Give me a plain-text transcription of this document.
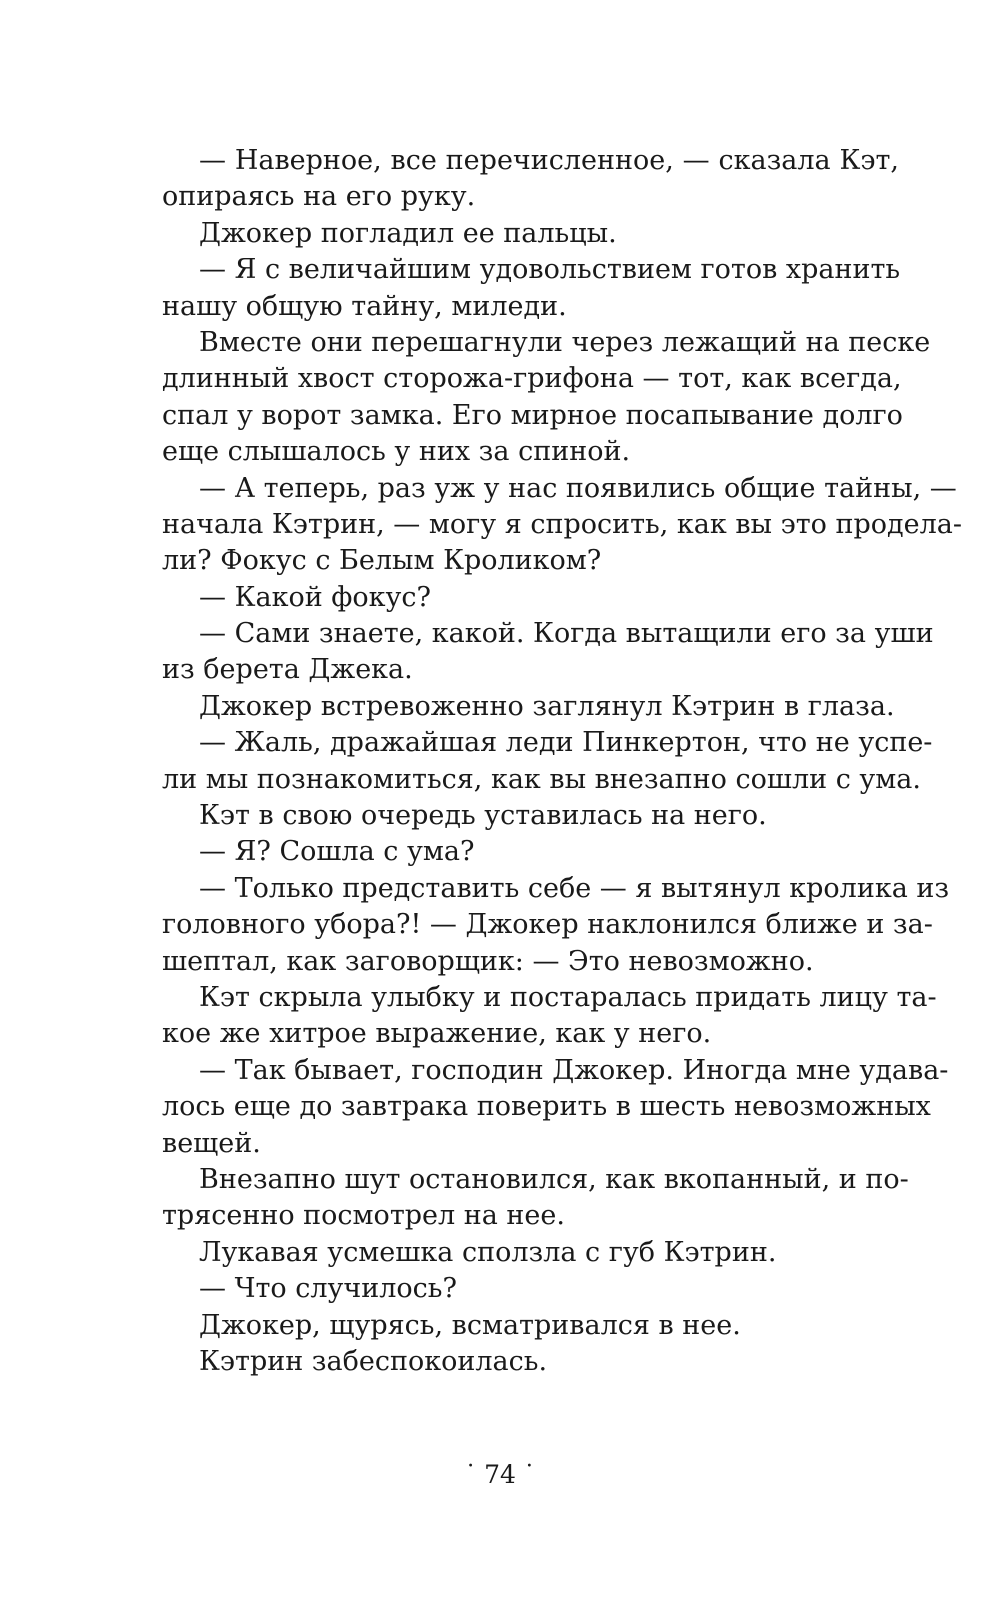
— Наверное, все перечисленное, — сказала Кэт,
опираясь на его руку.
Джокер погладил ее пальцы.
— Я с величайшим удовольствием готов хранить
нашу общую тайну, миледи.
Вместе они перешагнули через лежащий на песке
длинный хвост сторожа-грифона — тот, как всегда,
спал у ворот замка. Его мирное посапывание долго
еще слышалось у них за спиной.
— А теперь, раз уж у нас появились общие тайны, —
начала Кэтрин, — могу я спросить, как вы это продела-
ли? Фокус с Белым Кроликом?
— Какой фокус?
— Сами знаете, какой. Когда вытащили его за уши
из берета Джека.
Джокер встревоженно заглянул Кэтрин в глаза.
— Жаль, дражайшая леди Пинкертон, что не успе-
ли мы познакомиться, как вы внезапно сошли с ума.
Кэт в свою очередь уставилась на него.
— Я? Сошла с ума?
— Только представить себе — я вытянул кролика из
головного убора?! — Джокер наклонился ближе и за-
шептал, как заговорщик: — Это невозможно.
Кэт скрыла улыбку и постаралась придать лицу та-
кое же хитрое выражение, как у него.
— Так бывает, господин Джокер. Иногда мне удава-
лось еще до завтрака поверить в шесть невозможных
вещей.
Внезапно шут остановился, как вкопанный, и по-
трясенно посмотрел на нее.
Лукавая усмешка сползла с губ Кэтрин.
— Что случилось?
Джокер, щурясь, всматривался в нее.
Кэтрин забеспокоилась.
· 74 ·
